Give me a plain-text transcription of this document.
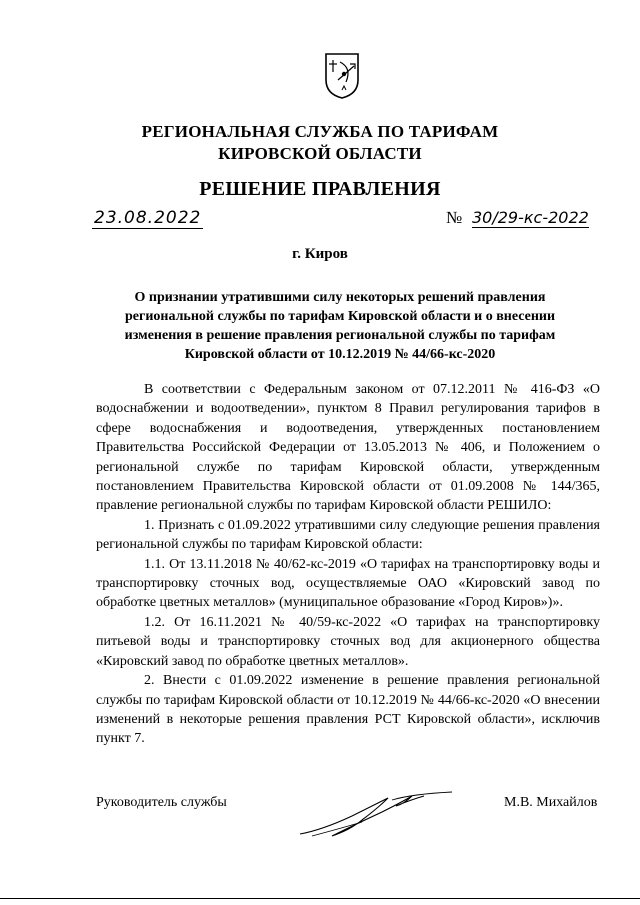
РЕГИОНАЛЬНАЯ СЛУЖБА ПО ТАРИФАМ
КИРОВСКОЙ ОБЛАСТИ
РЕШЕНИЕ ПРАВЛЕНИЯ
23.08.2022	№ 30/29-кс-2022
г. Киров
О признании утратившими силу некоторых решений правления региональной службы по тарифам Кировской области и о внесении изменения в решение правления региональной службы по тарифам Кировской области от 10.12.2019 № 44/66-кс-2020

В соответствии с Федеральным законом от 07.12.2011 № 416-ФЗ «О водоснабжении и водоотведении», пунктом 8 Правил регулирования тарифов в сфере водоснабжения и водоотведения, утвержденных постановлением Правительства Российской Федерации от 13.05.2013 № 406, и Положением о региональной службе по тарифам Кировской области, утвержденным постановлением Правительства Кировской области от 01.09.2008 № 144/365, правление региональной службы по тарифам Кировской области РЕШИЛО:

1. Признать с 01.09.2022 утратившими силу следующие решения правления региональной службы по тарифам Кировской области:

1.1. От 13.11.2018 № 40/62-кс-2019 «О тарифах на транспортировку воды и транспортировку сточных вод, осуществляемые ОАО «Кировский завод по обработке цветных металлов» (муниципальное образование «Город Киров»)».

1.2. От 16.11.2021 № 40/59-кс-2022 «О тарифах на транспортировку питьевой воды и транспортировку сточных вод для акционерного общества «Кировский завод по обработке цветных металлов».

2. Внести с 01.09.2022 изменение в решение правления региональной службы по тарифам Кировской области от 10.12.2019 № 44/66-кс-2020 «О внесении изменений в некоторые решения правления РСТ Кировской области», исключив пункт 7.

Руководитель службы	М.В. Михайлов
